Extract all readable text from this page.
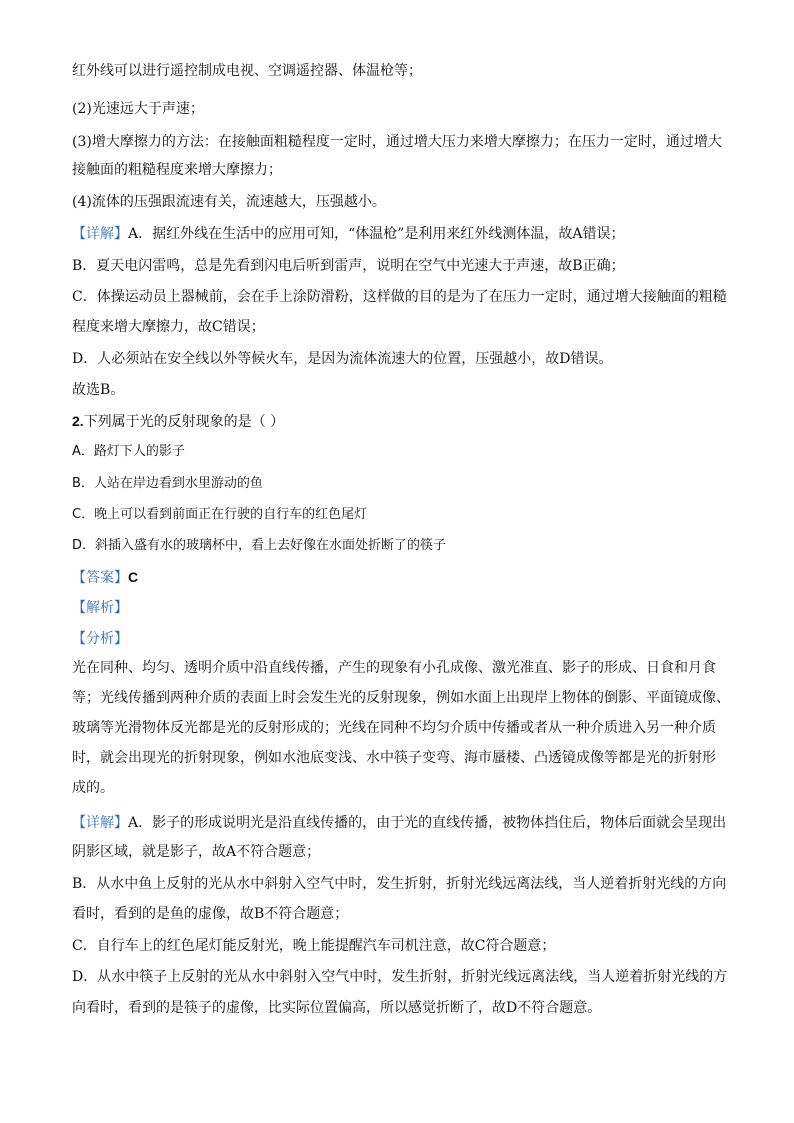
红外线可以进行遥控制成电视、空调遥控器、体温枪等；
(2)光速远大于声速；
(3)增大摩擦力的方法：在接触面粗糙程度一定时，通过增大压力来增大摩擦力；在压力一定时，通过增大
接触面的粗糙程度来增大摩擦力；
(4)流体的压强跟流速有关，流速越大，压强越小。
【详解】A．据红外线在生活中的应用可知，“体温枪”是利用来红外线测体温，故A错误；
B．夏天电闪雷鸣，总是先看到闪电后听到雷声，说明在空气中光速大于声速，故B正确；
C．体操运动员上器械前，会在手上涂防滑粉，这样做的目的是为了在压力一定时，通过增大接触面的粗糙
程度来增大摩擦力，故C错误；
D．人必须站在安全线以外等候火车，是因为流体流速大的位置，压强越小，故D错误。
故选B。
2.下列属于光的反射现象的是（ ）
A．路灯下人的影子
B．人站在岸边看到水里游动的鱼
C．晚上可以看到前面正在行驶的自行车的红色尾灯
D．斜插入盛有水的玻璃杯中，看上去好像在水面处折断了的筷子
【答案】C
【解析】
【分析】
光在同种、均匀、透明介质中沿直线传播，产生的现象有小孔成像、激光准直、影子的形成、日食和月食
等；光线传播到两种介质的表面上时会发生光的反射现象，例如水面上出现岸上物体的倒影、平面镜成像、
玻璃等光滑物体反光都是光的反射形成的；光线在同种不均匀介质中传播或者从一种介质进入另一种介质
时，就会出现光的折射现象，例如水池底变浅、水中筷子变弯、海市蜃楼、凸透镜成像等都是光的折射形
成的。
【详解】A．影子的形成说明光是沿直线传播的，由于光的直线传播，被物体挡住后，物体后面就会呈现出
阴影区域，就是影子，故A不符合题意；
B．从水中鱼上反射的光从水中斜射入空气中时，发生折射，折射光线远离法线，当人逆着折射光线的方向
看时，看到的是鱼的虚像，故B不符合题意；
C．自行车上的红色尾灯能反射光，晚上能提醒汽车司机注意，故C符合题意；
D．从水中筷子上反射的光从水中斜射入空气中时，发生折射，折射光线远离法线，当人逆着折射光线的方
向看时，看到的是筷子的虚像，比实际位置偏高，所以感觉折断了，故D不符合题意。
